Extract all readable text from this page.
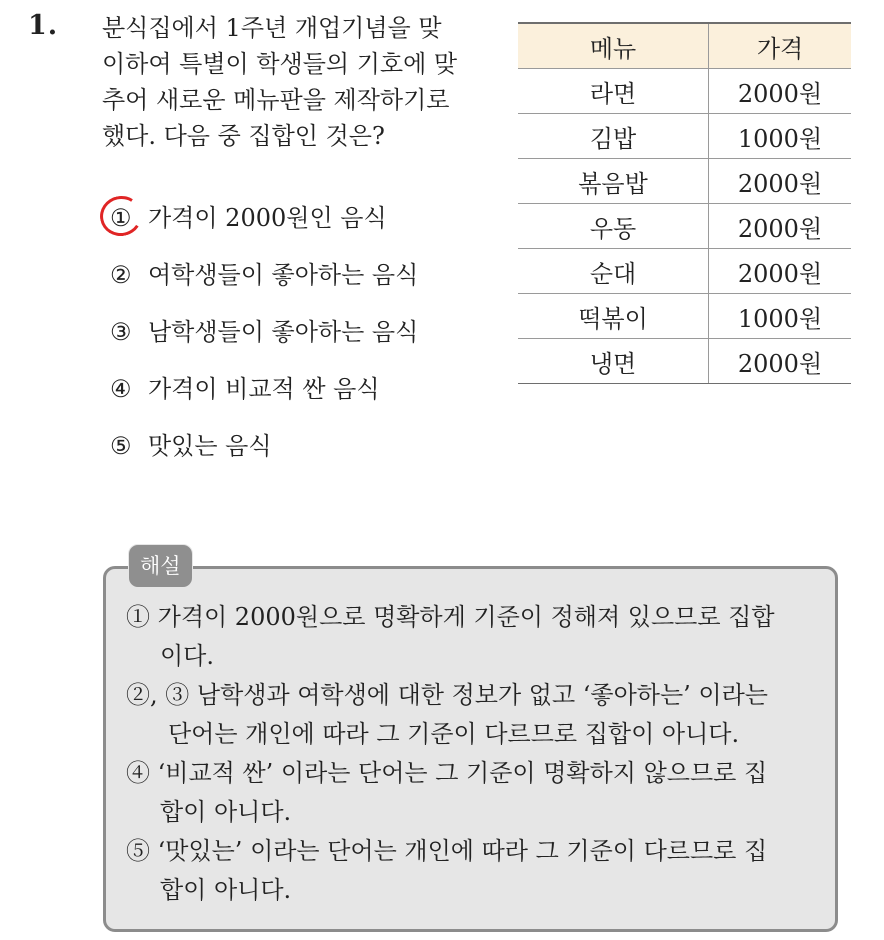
1. 분식집에서 1주년 개업기념을 맞
이하여 특별이 학생들의 기호에 맞
추어 새로운 메뉴판을 제작하기로
했다. 다음 중 집합인 것은?
① 가격이 2000원인 음식
② 여학생들이 좋아하는 음식
③ 남학생들이 좋아하는 음식
④ 가격이 비교적 싼 음식
⑤ 맛있는 음식
메뉴	가격
라면	2000원
김밥	1000원
볶음밥	2000원
우동	2000원
순대	2000원
떡볶이	1000원
냉면	2000원
해설
① 가격이 2000원으로 명확하게 기준이 정해져 있으므로 집합
이다.
②, ③ 남학생과 여학생에 대한 정보가 없고 ‘좋아하는’ 이라는
단어는 개인에 따라 그 기준이 다르므로 집합이 아니다.
④ ‘비교적 싼’ 이라는 단어는 그 기준이 명확하지 않으므로 집
합이 아니다.
⑤ ‘맛있는’ 이라는 단어는 개인에 따라 그 기준이 다르므로 집
합이 아니다.
